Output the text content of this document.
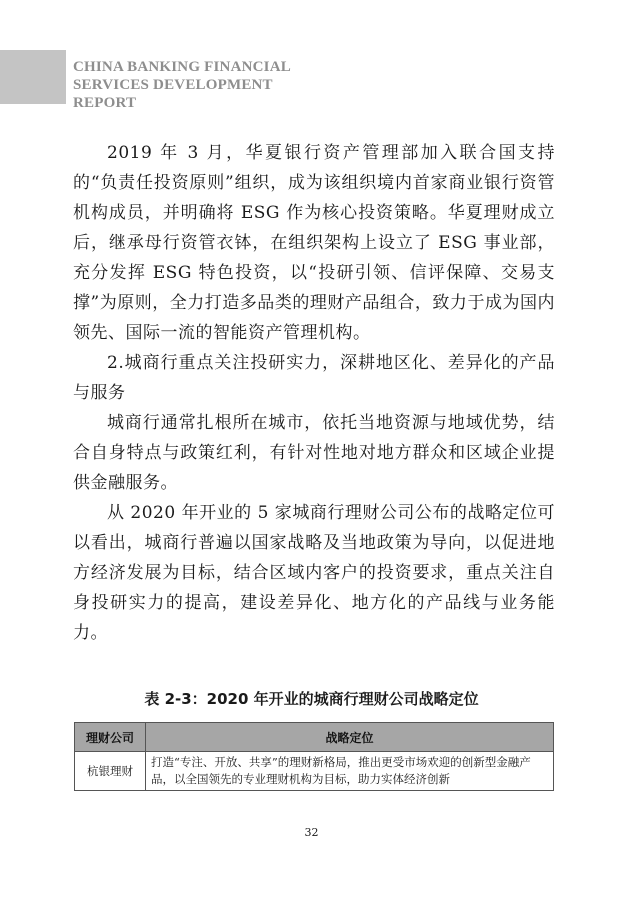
CHINA BANKING FINANCIAL
SERVICES DEVELOPMENT
REPORT

2019 年 3 月，华夏银行资产管理部加入联合国支持的“负责任投资原则”组织，成为该组织境内首家商业银行资管机构成员，并明确将 ESG 作为核心投资策略。华夏理财成立后，继承母行资管衣钵，在组织架构上设立了 ESG 事业部，充分发挥 ESG 特色投资，以“投研引领、信评保障、交易支撑”为原则，全力打造多品类的理财产品组合，致力于成为国内领先、国际一流的智能资产管理机构。

2.城商行重点关注投研实力，深耕地区化、差异化的产品与服务

城商行通常扎根所在城市，依托当地资源与地域优势，结合自身特点与政策红利，有针对性地对地方群众和区域企业提供金融服务。

从 2020 年开业的 5 家城商行理财公司公布的战略定位可以看出，城商行普遍以国家战略及当地政策为导向，以促进地方经济发展为目标，结合区域内客户的投资要求，重点关注自身投研实力的提高，建设差异化、地方化的产品线与业务能力。

表 2-3：2020 年开业的城商行理财公司战略定位
理财公司	战略定位
杭银理财	打造“专注、开放、共享”的理财新格局，推出更受市场欢迎的创新型金融产品，以全国领先的专业理财机构为目标，助力实体经济创新
32
